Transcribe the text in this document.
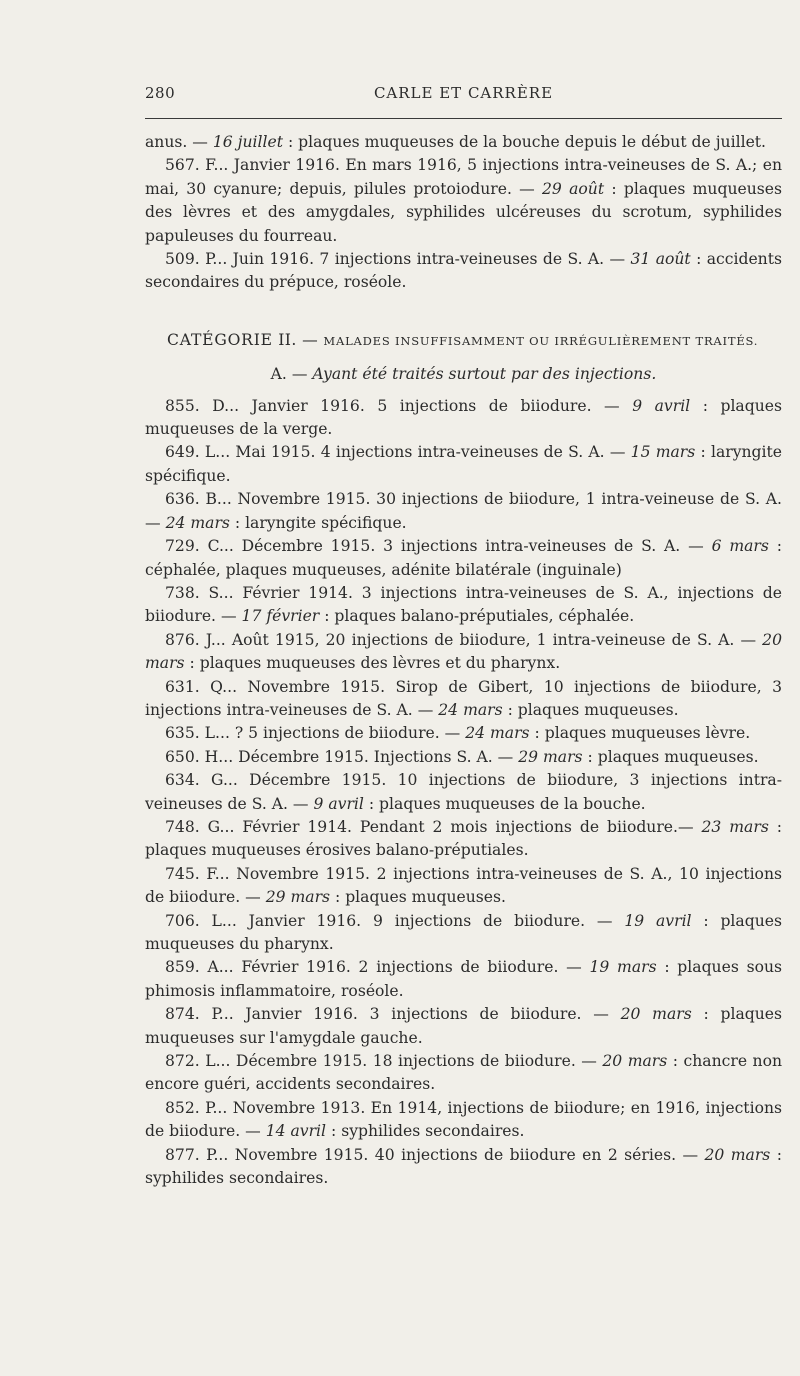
280	CARLE ET CARRÈRE

anus. — 16 juillet : plaques muqueuses de la bouche depuis le début de juillet.

567. F... Janvier 1916. En mars 1916, 5 injections intra-veineuses de S. A.; en mai, 30 cyanure; depuis, pilules protoiodure. — 29 août : plaques muqueuses des lèvres et des amygdales, syphilides ulcéreuses du scrotum, syphilides papuleuses du fourreau.

509. P... Juin 1916. 7 injections intra-veineuses de S. A. — 31 août : accidents secondaires du prépuce, roséole.

CATÉGORIE II. — MALADES INSUFFISAMMENT OU IRRÉGULIÈREMENT TRAITÉS.

A. — Ayant été traités surtout par des injections.

855. D... Janvier 1916. 5 injections de biiodure. — 9 avril : plaques muqueuses de la verge.

649. L... Mai 1915. 4 injections intra-veineuses de S. A. — 15 mars : laryngite spécifique.

636. B... Novembre 1915. 30 injections de biiodure, 1 intra-veineuse de S. A. — 24 mars : laryngite spécifique.

729. C... Décembre 1915. 3 injections intra-veineuses de S. A. — 6 mars : céphalée, plaques muqueuses, adénite bilatérale (inguinale)

738. S... Février 1914. 3 injections intra-veineuses de S. A., injections de biiodure. — 17 février : plaques balano-préputiales, céphalée.

876. J... Août 1915, 20 injections de biiodure, 1 intra-veineuse de S. A. — 20 mars : plaques muqueuses des lèvres et du pharynx.

631. Q... Novembre 1915. Sirop de Gibert, 10 injections de biiodure, 3 injections intra-veineuses de S. A. — 24 mars : plaques muqueuses.

635. L... ? 5 injections de biiodure. — 24 mars : plaques muqueuses lèvre.

650. H... Décembre 1915. Injections S. A. — 29 mars : plaques muqueuses.

634. G... Décembre 1915. 10 injections de biiodure, 3 injections intra-veineuses de S. A. — 9 avril : plaques muqueuses de la bouche.

748. G... Février 1914. Pendant 2 mois injections de biiodure.— 23 mars : plaques muqueuses érosives balano-préputiales.

745. F... Novembre 1915. 2 injections intra-veineuses de S. A., 10 injections de biiodure. — 29 mars : plaques muqueuses.

706. L... Janvier 1916. 9 injections de biiodure. — 19 avril : plaques muqueuses du pharynx.

859. A... Février 1916. 2 injections de biiodure. — 19 mars : plaques sous phimosis inflammatoire, roséole.

874. P... Janvier 1916. 3 injections de biiodure. — 20 mars : plaques muqueuses sur l'amygdale gauche.

872. L... Décembre 1915. 18 injections de biiodure. — 20 mars : chancre non encore guéri, accidents secondaires.

852. P... Novembre 1913. En 1914, injections de biiodure; en 1916, injections de biiodure. — 14 avril : syphilides secondaires.

877. P... Novembre 1915. 40 injections de biiodure en 2 séries. — 20 mars : syphilides secondaires.
